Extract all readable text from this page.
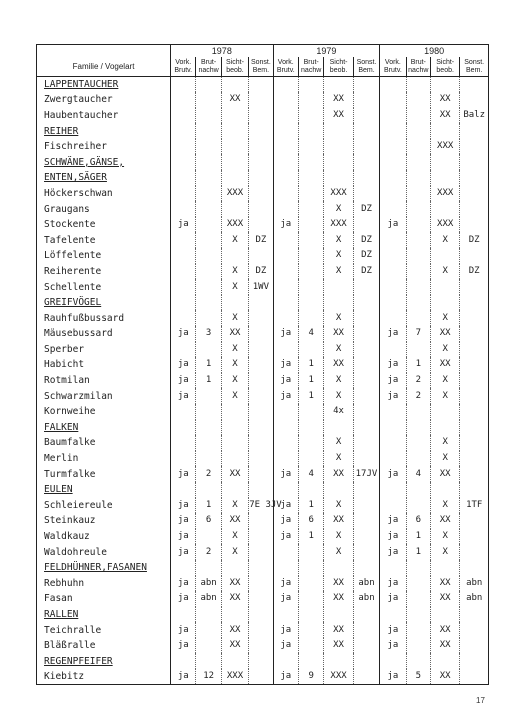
Familie / Vogelart	1978				1979				1980			
	Vork. Brutv.	Brut- nachw	Sicht- beob.	Sonst. Bem.	Vork. Brutv.	Brut- nachw	Sicht- beob.	Sonst. Bem.	Vork. Brutv.	Brut- nachw	Sicht- beob.	Sonst. Bem.
LAPPENTAUCHER												
Zwergtaucher			XX				XX				XX	
Haubentaucher							XX				XX	Balz
REIHER												
Fischreiher											XXX	
SCHWÄNE,GÄNSE,												
ENTEN,SÄGER												
Höckerschwan			XXX				XXX				XXX	
Graugans							X	DZ				
Stockente	ja		XXX		ja		XXX		ja		XXX	
Tafelente			X	DZ			X	DZ			X	DZ
Löffelente							X	DZ				
Reiherente			X	DZ			X	DZ			X	DZ
Schellente			X	1WV								
GREIFVÖGEL												
Rauhfußbussard			X				X				X	
Mäusebussard	ja	3	XX		ja	4	XX		ja	7	XX	
Sperber			X				X				X	
Habicht	ja	1	X		ja	1	XX		ja	1	XX	
Rotmilan	ja	1	X		ja	1	X		ja	2	X	
Schwarzmilan	ja		X		ja	1	X		ja	2	X	
Kornweihe							4x					
FALKEN												
Baumfalke							X				X	
Merlin							X				X	
Turmfalke	ja	2	XX		ja	4	XX	17JV	ja	4	XX	
EULEN												
Schleiereule	ja	1	X	7E 3JV	ja	1	X				X	1TF
Steinkauz	ja	6	XX		ja	6	XX		ja	6	XX	
Waldkauz	ja		X		ja	1	X		ja	1	X	
Waldohreule	ja	2	X				X		ja	1	X	
FELDHÜHNER,FASANEN												
Rebhuhn	ja	abn	XX		ja		XX	abn	ja		XX	abn
Fasan	ja	abn	XX		ja		XX	abn	ja		XX	abn
RALLEN												
Teichralle	ja		XX		ja		XX		ja		XX	
Bläßralle	ja		XX		ja		XX		ja		XX	
REGENPFEIFER												
Kiebitz	ja	12	XXX		ja	9	XXX		ja	5	XX	
17
